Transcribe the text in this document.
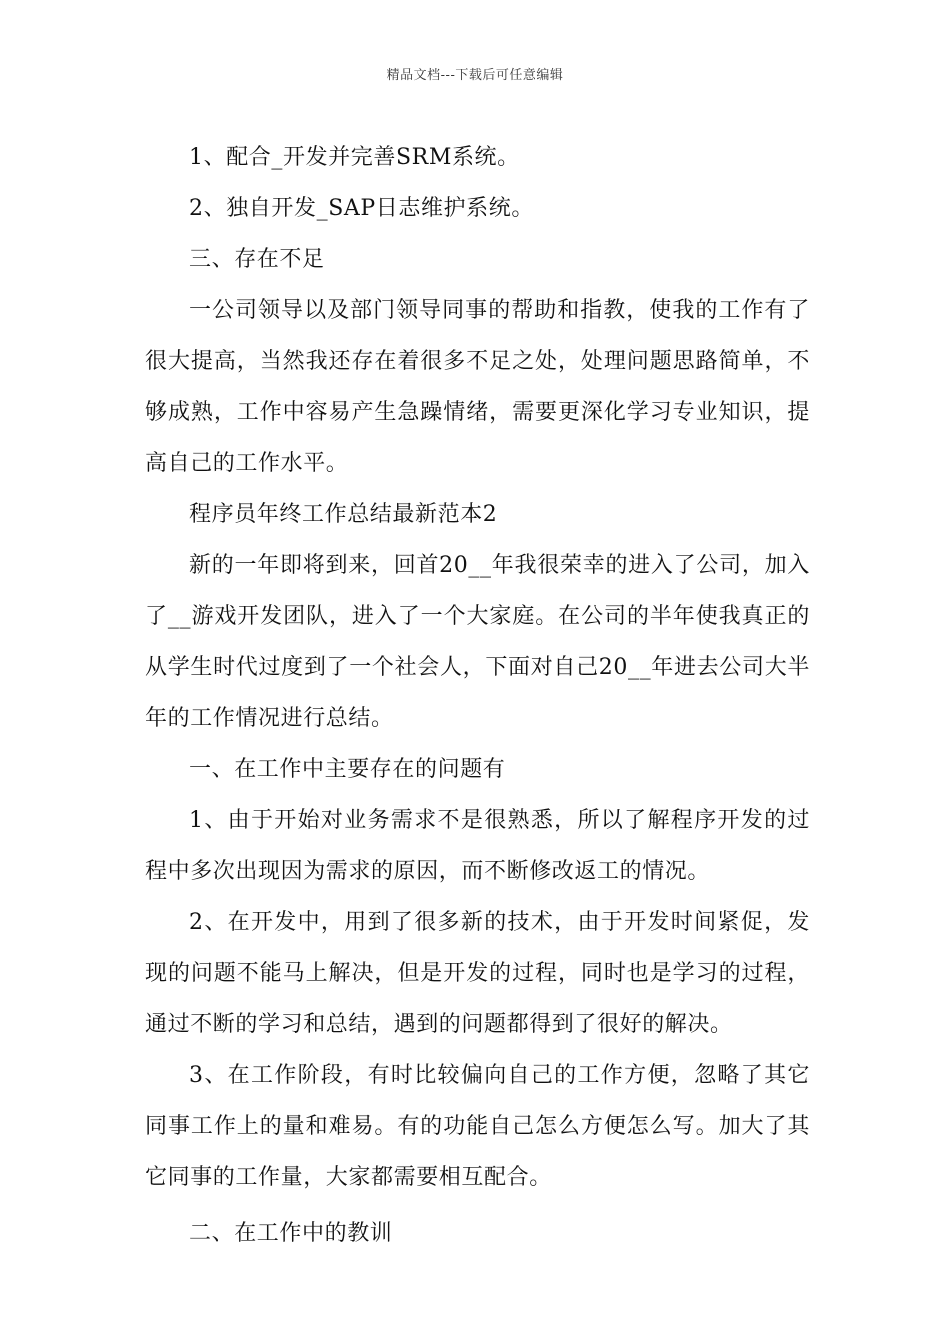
精品文档---下载后可任意编辑

1、配合_开发并完善SRM系统。

2、独自开发_SAP日志维护系统。

三、存在不足

一公司领导以及部门领导同事的帮助和指教，使我的工作有了很大提高，当然我还存在着很多不足之处，处理问题思路简单，不够成熟，工作中容易产生急躁情绪，需要更深化学习专业知识，提高自己的工作水平。

程序员年终工作总结最新范本2

新的一年即将到来，回首20__年我很荣幸的进入了公司，加入了__游戏开发团队，进入了一个大家庭。在公司的半年使我真正的从学生时代过度到了一个社会人，下面对自己20__年进去公司大半年的工作情况进行总结。

一、在工作中主要存在的问题有

1、由于开始对业务需求不是很熟悉，所以了解程序开发的过程中多次出现因为需求的原因，而不断修改返工的情况。

2、在开发中，用到了很多新的技术，由于开发时间紧促，发现的问题不能马上解决，但是开发的过程，同时也是学习的过程，通过不断的学习和总结，遇到的问题都得到了很好的解决。

3、在工作阶段，有时比较偏向自己的工作方便，忽略了其它同事工作上的量和难易。有的功能自己怎么方便怎么写。加大了其它同事的工作量，大家都需要相互配合。

二、在工作中的教训
